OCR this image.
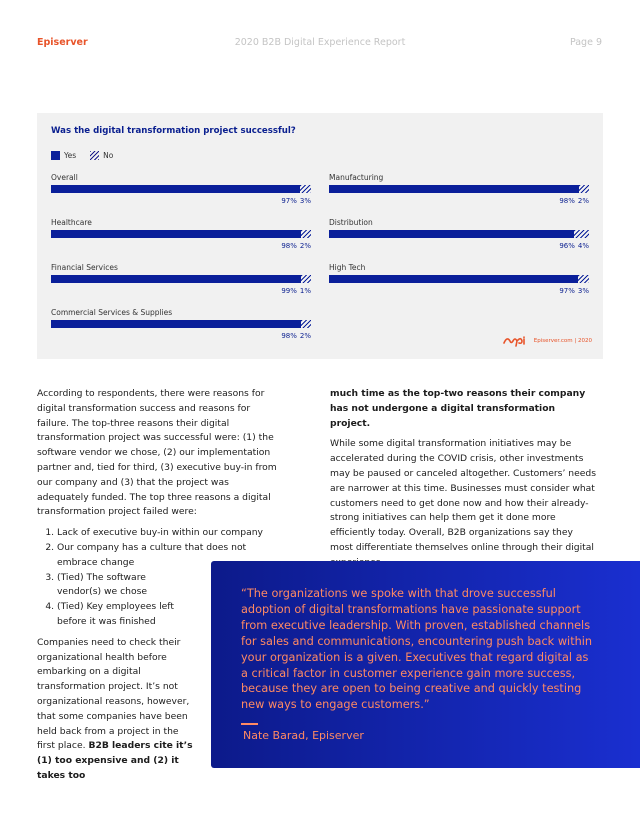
Episerver	2020 B2B Digital Experience Report	Page 9
Was the digital transformation project successful?
Yes	No
Overall
97% 3%
Healthcare
98% 2%
Financial Services
99% 1%
Commercial Services & Supplies
98% 2%
Manufacturing
98% 2%
Distribution
96% 4%
High Tech
97% 3%
Episerver.com | 2020

According to respondents, there were reasons for digital transformation success and reasons for failure. The top-three reasons their digital transformation project was successful were: (1) the software vendor we chose, (2) our implementation partner and, tied for third, (3) executive buy-in from our company and (3) that the project was adequately funded. The top three reasons a digital transformation project failed were:

1. Lack of executive buy-in within our company
2. Our company has a culture that does not embrace change
3. (Tied) The software vendor(s) we chose
4. (Tied) Key employees left before it was finished

Companies need to check their organizational health before embarking on a digital transformation project. It’s not organizational reasons, however, that some companies have been held back from a project in the first place. B2B leaders cite it’s (1) too expensive and (2) it takes too

much time as the top-two reasons their company has not undergone a digital transformation project.

While some digital transformation initiatives may be accelerated during the COVID crisis, other investments may be paused or canceled altogether. Customers’ needs are narrower at this time. Businesses must consider what customers need to get done now and how their already-strong initiatives can help them get it done more efficiently today. Overall, B2B organizations say they most differentiate themselves online through their digital

“The organizations we spoke with that drove successful adoption of digital transformations have passionate support from executive leadership. With proven, established channels for sales and communications, encountering push back within your organization is a given. Executives that regard digital as a critical factor in customer experience gain more success, because they are open to being creative and quickly testing new ways to engage customers.”
Nate Barad, Episerver
